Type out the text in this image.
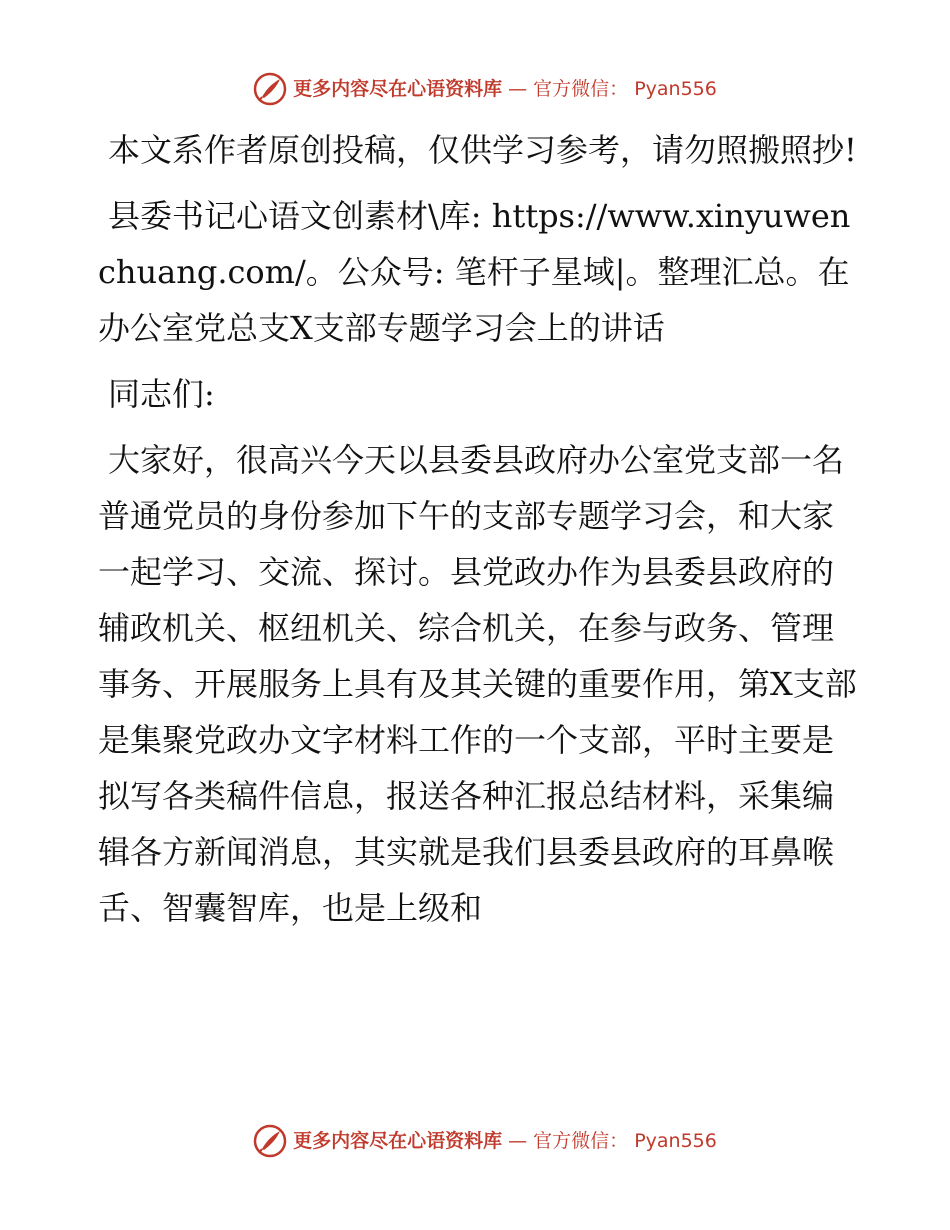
更多内容尽在心语资料库 — 官方微信： Pyan556

本文系作者原创投稿，仅供学习参考，请勿照搬照抄!

县委书记心语文创素材\库: https://www.xinyuwenchuang.com/。公众号: 笔杆子星域|。整理汇总。在办公室党总支X支部专题学习会上的讲话

同志们:

大家好，很高兴今天以县委县政府办公室党支部一名普通党员的身份参加下午的支部专题学习会，和大家一起学习、交流、探讨。县党政办作为县委县政府的辅政机关、枢纽机关、综合机关，在参与政务、管理事务、开展服务上具有及其关键的重要作用，第X支部是集聚党政办文字材料工作的一个支部，平时主要是拟写各类稿件信息，报送各种汇报总结材料，采集编辑各方新闻消息，其实就是我们县委县政府的耳鼻喉舌、智囊智库，也是上级和

更多内容尽在心语资料库 — 官方微信： Pyan556
